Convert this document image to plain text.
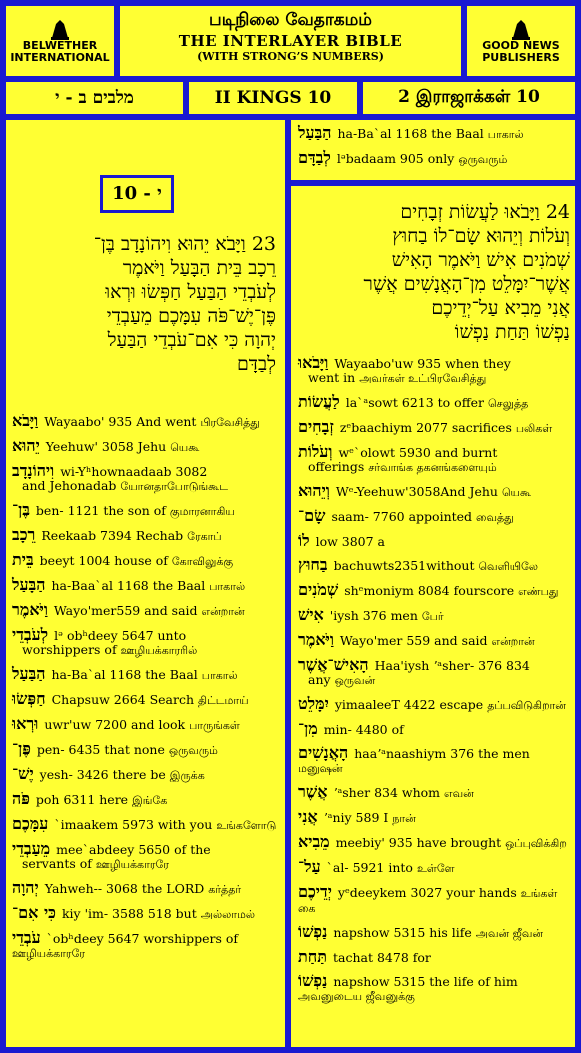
BELWETHER
INTERNATIONAL
படிநிலை வேதாகமம்
THE INTERLAYER BIBLE
(WITH STRONG’S NUMBERS)
GOOD NEWS
PUBLISHERS
מלבים ב - י	II KINGS 10	2 இராஜாக்கள் 10
10 - י
23 וַיָּבֹא יֵהוּא וִיהוֹנָדָב בֶּן־
רֵכָב בֵּית הַבָּעַל וַיֹּאמֶר
לְעֹבְדֵי הַבַּעַל חַפְּשׂוּ וּרְאוּ
פֶּן־יֶשׁ־פֹּה עִמָּכֶם מֵעַבְדֵי
יְהוָה כִּי אִם־עֹבְדֵי הַבַּעַל
לְבַדָּם
וַיָּבֹא Wayaabo' 935 And went பிரவேசித்து
יֵהוּא Yeehuw' 3058 Jehu யெகூ
וִיהוֹנָדָב wi-Yʰhownaadaab 3082
and Jehonadab யோனதாபோடுங்கூட
בֶּן־ ben- 1121 the son of குமாரனாகிய
רֵכָב Reekaab 7394 Rechab ரேகாப்
בֵּית beeyt 1004 house of கோவிலுக்கு
הַבָּעַל ha-Baa`al 1168 the Baal பாகால்
וַיֹּאמֶר Wayo'mer559 and said என்றான்
לְעֹבְדֵי lᵊ obʰdeey 5647 unto
worshippers of ஊழியக்காரரில்
הַבַּעַל ha-Ba`al 1168 the Baal பாகால்
חַפְּשׂוּ Chapsuw 2664 Search திட்டமாய்
וּרְאוּ uwr'uw 7200 and look பாருங்கள்
פֶּן־ pen- 6435 that none ஒருவரும்
יֶשׁ־ yesh- 3426 there be இருக்க
פֹּה poh 6311 here இங்கே
עִמָּכֶם `imaakem 5973 with you உங்களோடு
מֵעַבְדֵי mee`abdeey 5650 of the
servants of ஊழியக்காரரே
יְהוָה Yahweh-- 3068 the LORD கர்த்தர்
כִּי אִם־ kiy 'im- 3588 518 but அல்லாமல்
עֹבְדֵי `obʰdeey 5647 worshippers of ஊழியக்காரரே
הַבַּעַל ha-Ba`al 1168 the Baal பாகால்
לְבַדָּם lᵊbadaam 905 only ஒருவரும்
24 וַיָּבֹאוּ לַעֲשׂוֹת זְבָחִים
וְעֹלוֹת וְיֵהוּא שָׂם־לוֹ בַחוּץ
שְׁמֹנִים אִישׁ וַיֹּאמֶר הָאִישׁ
אֲשֶׁר־יִמָּלֵט מִן־הָאֲנָשִׁים אֲשֶׁר
אֲנִי מֵבִיא עַל־יְדֵיכֶם
נַפְשׁוֹ תַּחַת נַפְשׁוֹ
וַיָּבֹאוּ Wayaabo'uw 935 when they
went in அவர்கள் உட்பிரவேசித்து
לַעֲשׂוֹת la`ᵃsowt 6213 to offer செலுத்த
זְבָחִים zᵉbaachiym 2077 sacrifices பலிகள்
וְעֹלוֹת wᵉ`olowt 5930 and burnt
offerings சர்வாங்க தகனங்களையும்
וְיֵהוּא Wᵉ-Yeehuw'3058And Jehu யெகூ
שָׂם־ saam- 7760 appointed வைத்து
לוֹ low 3807 a
בַחוּץ bachuwts2351without வெளியிலே
שְׁמֹנִים shᵉmoniym 8084 fourscore எண்பது
אִישׁ 'iysh 376 men பேர்
וַיֹּאמֶר Wayo'mer 559 and said என்றான்
הָאִישׁ־אֲשֶׁר Haa'iysh ʼᵃsher- 376 834
any ஒருவன்
יִמָּלֵט yimaaleeT 4422 escape தப்பவிடுகிறான்
מִן־ min- 4480 of
הָאֲנָשִׁים haaʼᵃnaashiym 376 the men மனுஷன்
אֲשֶׁר ʼᵃsher 834 whom எவன்
אֲנִי ʼᵃniy 589 I நான்
מֵבִיא meebiy' 935 have brought ஒப்புவிக்கிற
עַל־ `al- 5921 into உள்ளே
יְדֵיכֶם yᵉdeeykem 3027 your hands உங்கள் கை
נַפְשׁוֹ napshow 5315 his life அவன் ஜீவன்
תַּחַת tachat 8478 for
נַפְשׁוֹ napshow 5315 the life of him அவனுடைய ஜீவனுக்கு
